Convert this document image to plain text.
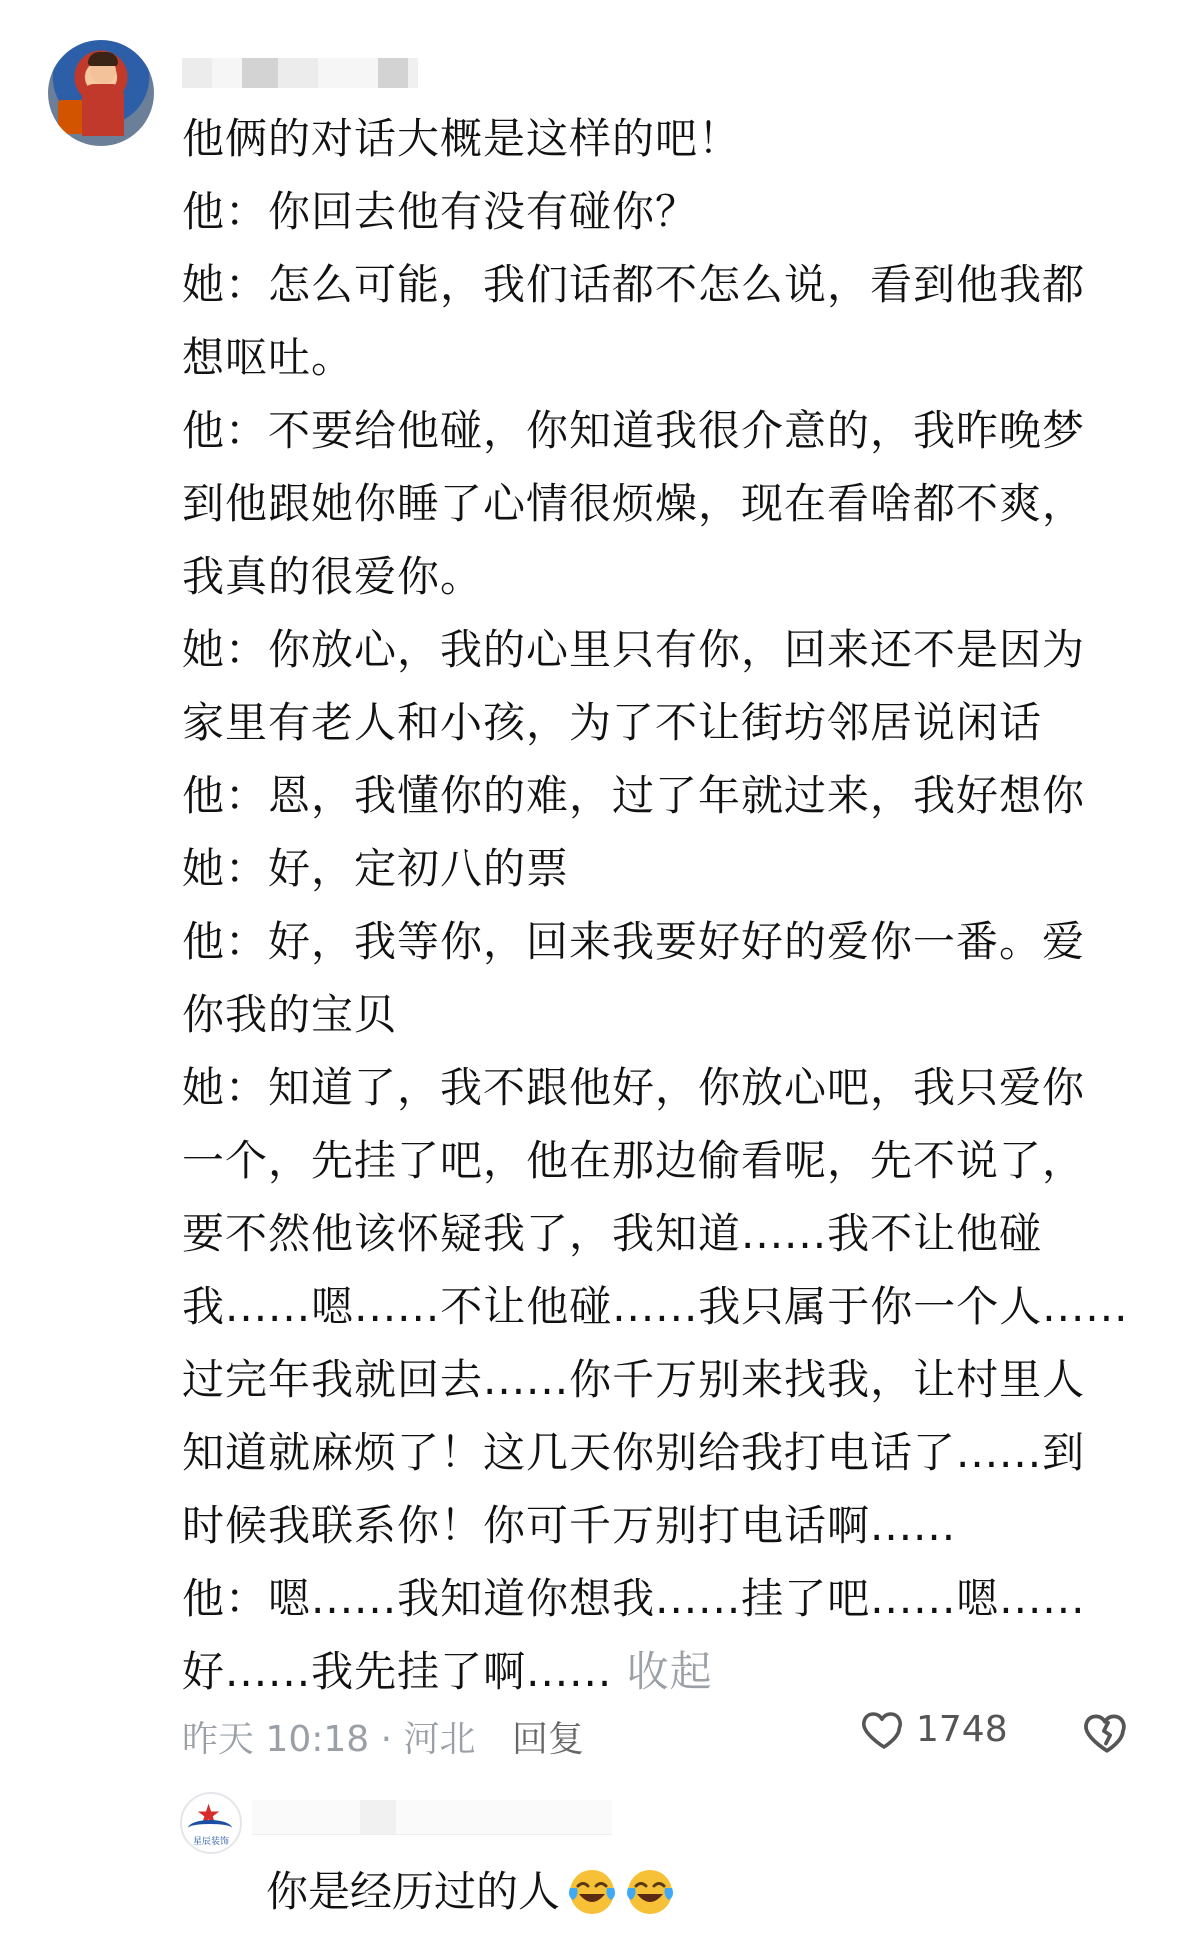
他俩的对话大概是这样的吧！
他：你回去他有没有碰你？
她：怎么可能，我们话都不怎么说，看到他我都
想呕吐。
他：不要给他碰，你知道我很介意的，我昨晚梦
到他跟她你睡了心情很烦燥，现在看啥都不爽，
我真的很爱你。
她：你放心，我的心里只有你，回来还不是因为
家里有老人和小孩，为了不让街坊邻居说闲话
他：恩，我懂你的难，过了年就过来，我好想你
她：好，定初八的票
他：好，我等你，回来我要好好的爱你一番。爱
你我的宝贝
她：知道了，我不跟他好，你放心吧，我只爱你
一个，先挂了吧，他在那边偷看呢，先不说了，
要不然他该怀疑我了，我知道......我不让他碰
我......嗯......不让他碰......我只属于你一个人......
过完年我就回去......你千万别来找我，让村里人
知道就麻烦了！这几天你别给我打电话了......到
时候我联系你！你可千万别打电话啊......
他：嗯......我知道你想我......挂了吧......嗯......
好......我先挂了啊...... 收起
昨天 10:18 · 河北 回复	1748
★
星辰装饰
你是经历过的人
